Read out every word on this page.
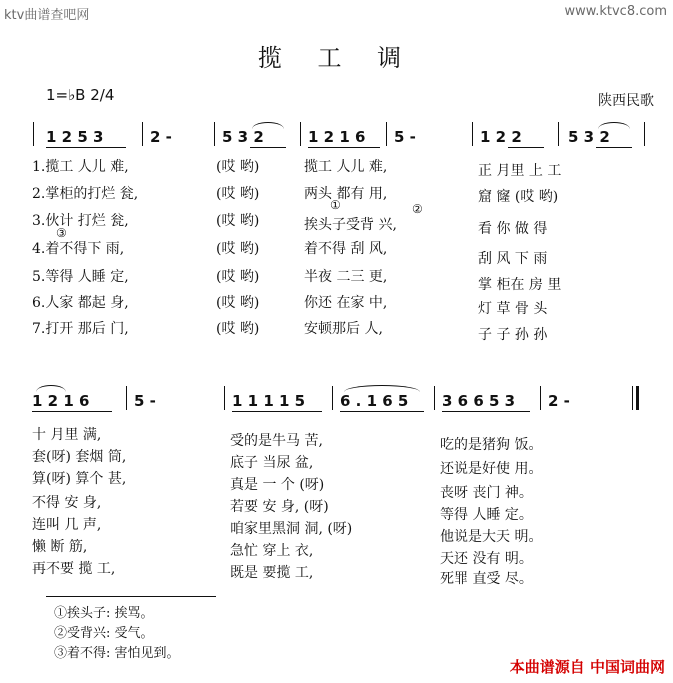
ktv曲谱查吧网	www.ktvc8.com
揽 工 调
1=♭B 2/4	陕西民歌
1 2 5 3	2 -	5 3 2	1 2 1 6 5 -	1 2 2	5 3 2
1.揽工 人儿 难,
2.掌柜的打烂 瓮,
3.伙计 打烂 瓮,
4.着不得下 雨,
5.等得 人睡 定,
6.人家 都起 身,
7.打开 那后 门,
(哎 哟)
(哎 哟)
(哎 哟)
(哎 哟)
(哎 哟)
(哎 哟)
(哎 哟)
揽工 人儿 难,
两头 都有 用,
挨头子受背 兴,
着不得 刮 风,
半夜 二三 更,
你还 在家 中,
安顿那后 人,
正 月里 上 工
窟 窿 (哎 哟)
看 你 做 得
刮 风 下 雨
掌 柜在 房 里
灯 草 骨 头
子 子 孙 孙
①	②
③
1 2 1 6	5 -	1 1 1 1 5 6 . 1 6 5 3 6 6 5 3 2 -
十 月里 满,
套(呀) 套烟 筒,
算(呀) 算个 甚,
不得 安 身,
连叫 几 声,
懒 断 筋,
再不要 揽 工,
受的是牛马 苦,
底子 当尿 盆,
真是 一 个 (呀)
若要 安 身, (呀)
咱家里黑洞 洞, (呀)
急忙 穿上 衣,
既是 要揽 工,
吃的是猪狗 饭。
还说是好使 用。
丧呀 丧门 神。
等得 人睡 定。
他说是大天 明。
天还 没有 明。
死罪 直受 尽。
①挨头子: 挨骂。
②受背兴: 受气。
③着不得: 害怕见到。
本曲谱源自 中国词曲网
